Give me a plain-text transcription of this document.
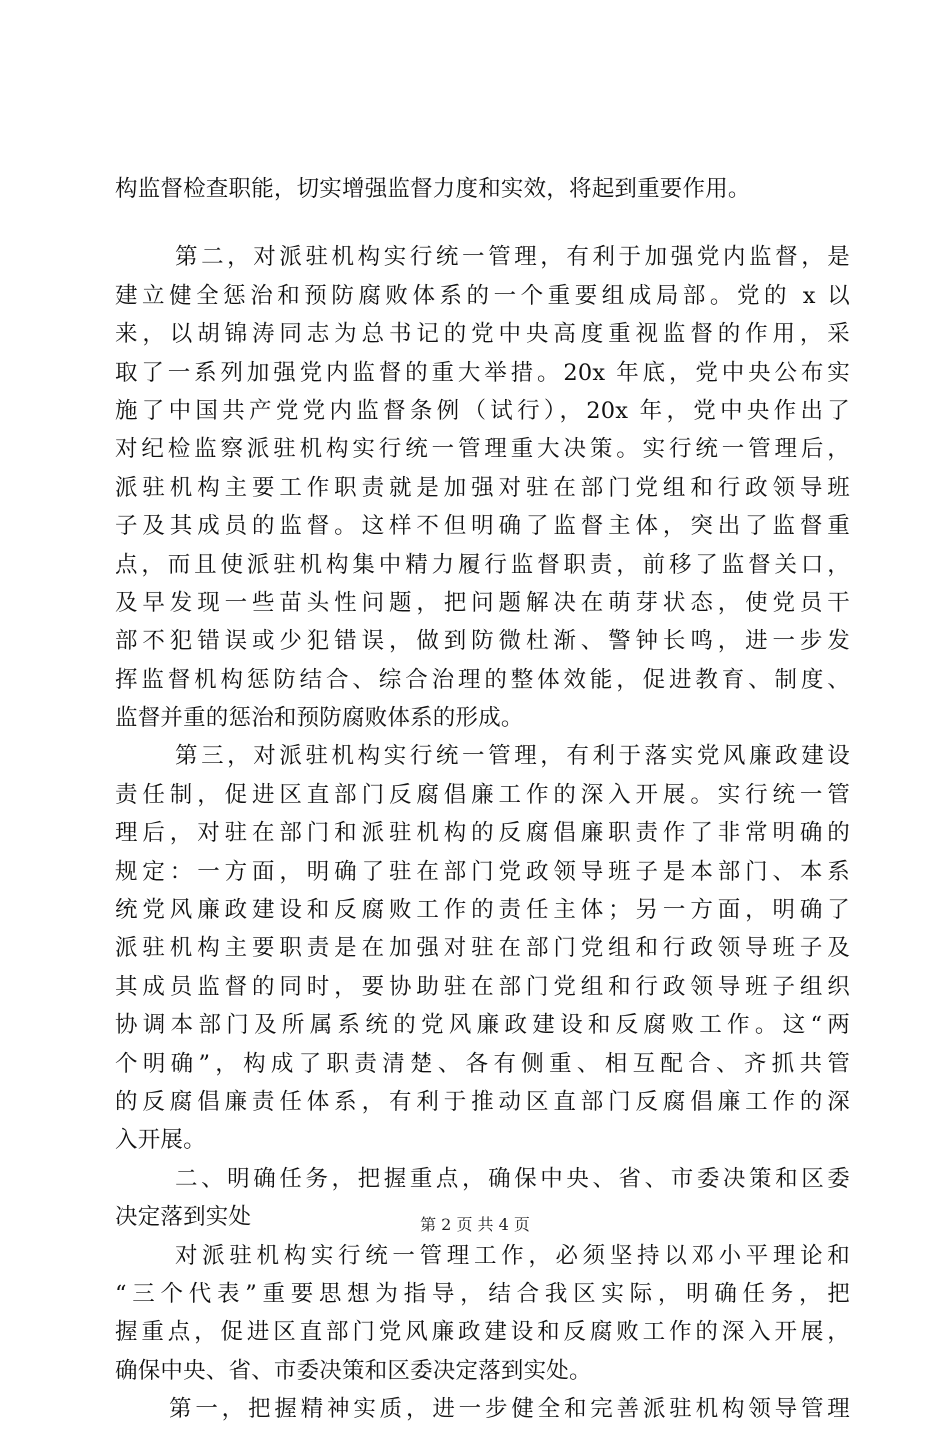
构监督检查职能，切实增强监督力度和实效，将起到重要作用。
第二，对派驻机构实行统一管理，有利于加强党内监督，是
建立健全惩治和预防腐败体系的一个重要组成局部。党的 x 以
来，以胡锦涛同志为总书记的党中央高度重视监督的作用，采
取了一系列加强党内监督的重大举措。20x 年底，党中央公布实
施了中国共产党党内监督条例（试行），20x 年，党中央作出了
对纪检监察派驻机构实行统一管理重大决策。实行统一管理后，
派驻机构主要工作职责就是加强对驻在部门党组和行政领导班
子及其成员的监督。这样不但明确了监督主体，突出了监督重
点，而且使派驻机构集中精力履行监督职责，前移了监督关口，
及早发现一些苗头性问题，把问题解决在萌芽状态，使党员干
部不犯错误或少犯错误，做到防微杜渐、警钟长鸣，进一步发
挥监督机构惩防结合、综合治理的整体效能，促进教育、制度、
监督并重的惩治和预防腐败体系的形成。
第三，对派驻机构实行统一管理，有利于落实党风廉政建设
责任制，促进区直部门反腐倡廉工作的深入开展。实行统一管
理后，对驻在部门和派驻机构的反腐倡廉职责作了非常明确的
规定：一方面，明确了驻在部门党政领导班子是本部门、本系
统党风廉政建设和反腐败工作的责任主体；另一方面，明确了
派驻机构主要职责是在加强对驻在部门党组和行政领导班子及
其成员监督的同时，要协助驻在部门党组和行政领导班子组织
协调本部门及所属系统的党风廉政建设和反腐败工作。这“两
个明确”，构成了职责清楚、各有侧重、相互配合、齐抓共管
的反腐倡廉责任体系，有利于推动区直部门反腐倡廉工作的深
入开展。
二、明确任务，把握重点，确保中央、省、市委决策和区委
决定落到实处
对派驻机构实行统一管理工作，必须坚持以邓小平理论和
“三个代表”重要思想为指导，结合我区实际，明确任务，把
握重点，促进区直部门党风廉政建设和反腐败工作的深入开展，
确保中央、省、市委决策和区委决定落到实处。
第一，把握精神实质，进一步健全和完善派驻机构领导管理
第 2 页 共 4 页
